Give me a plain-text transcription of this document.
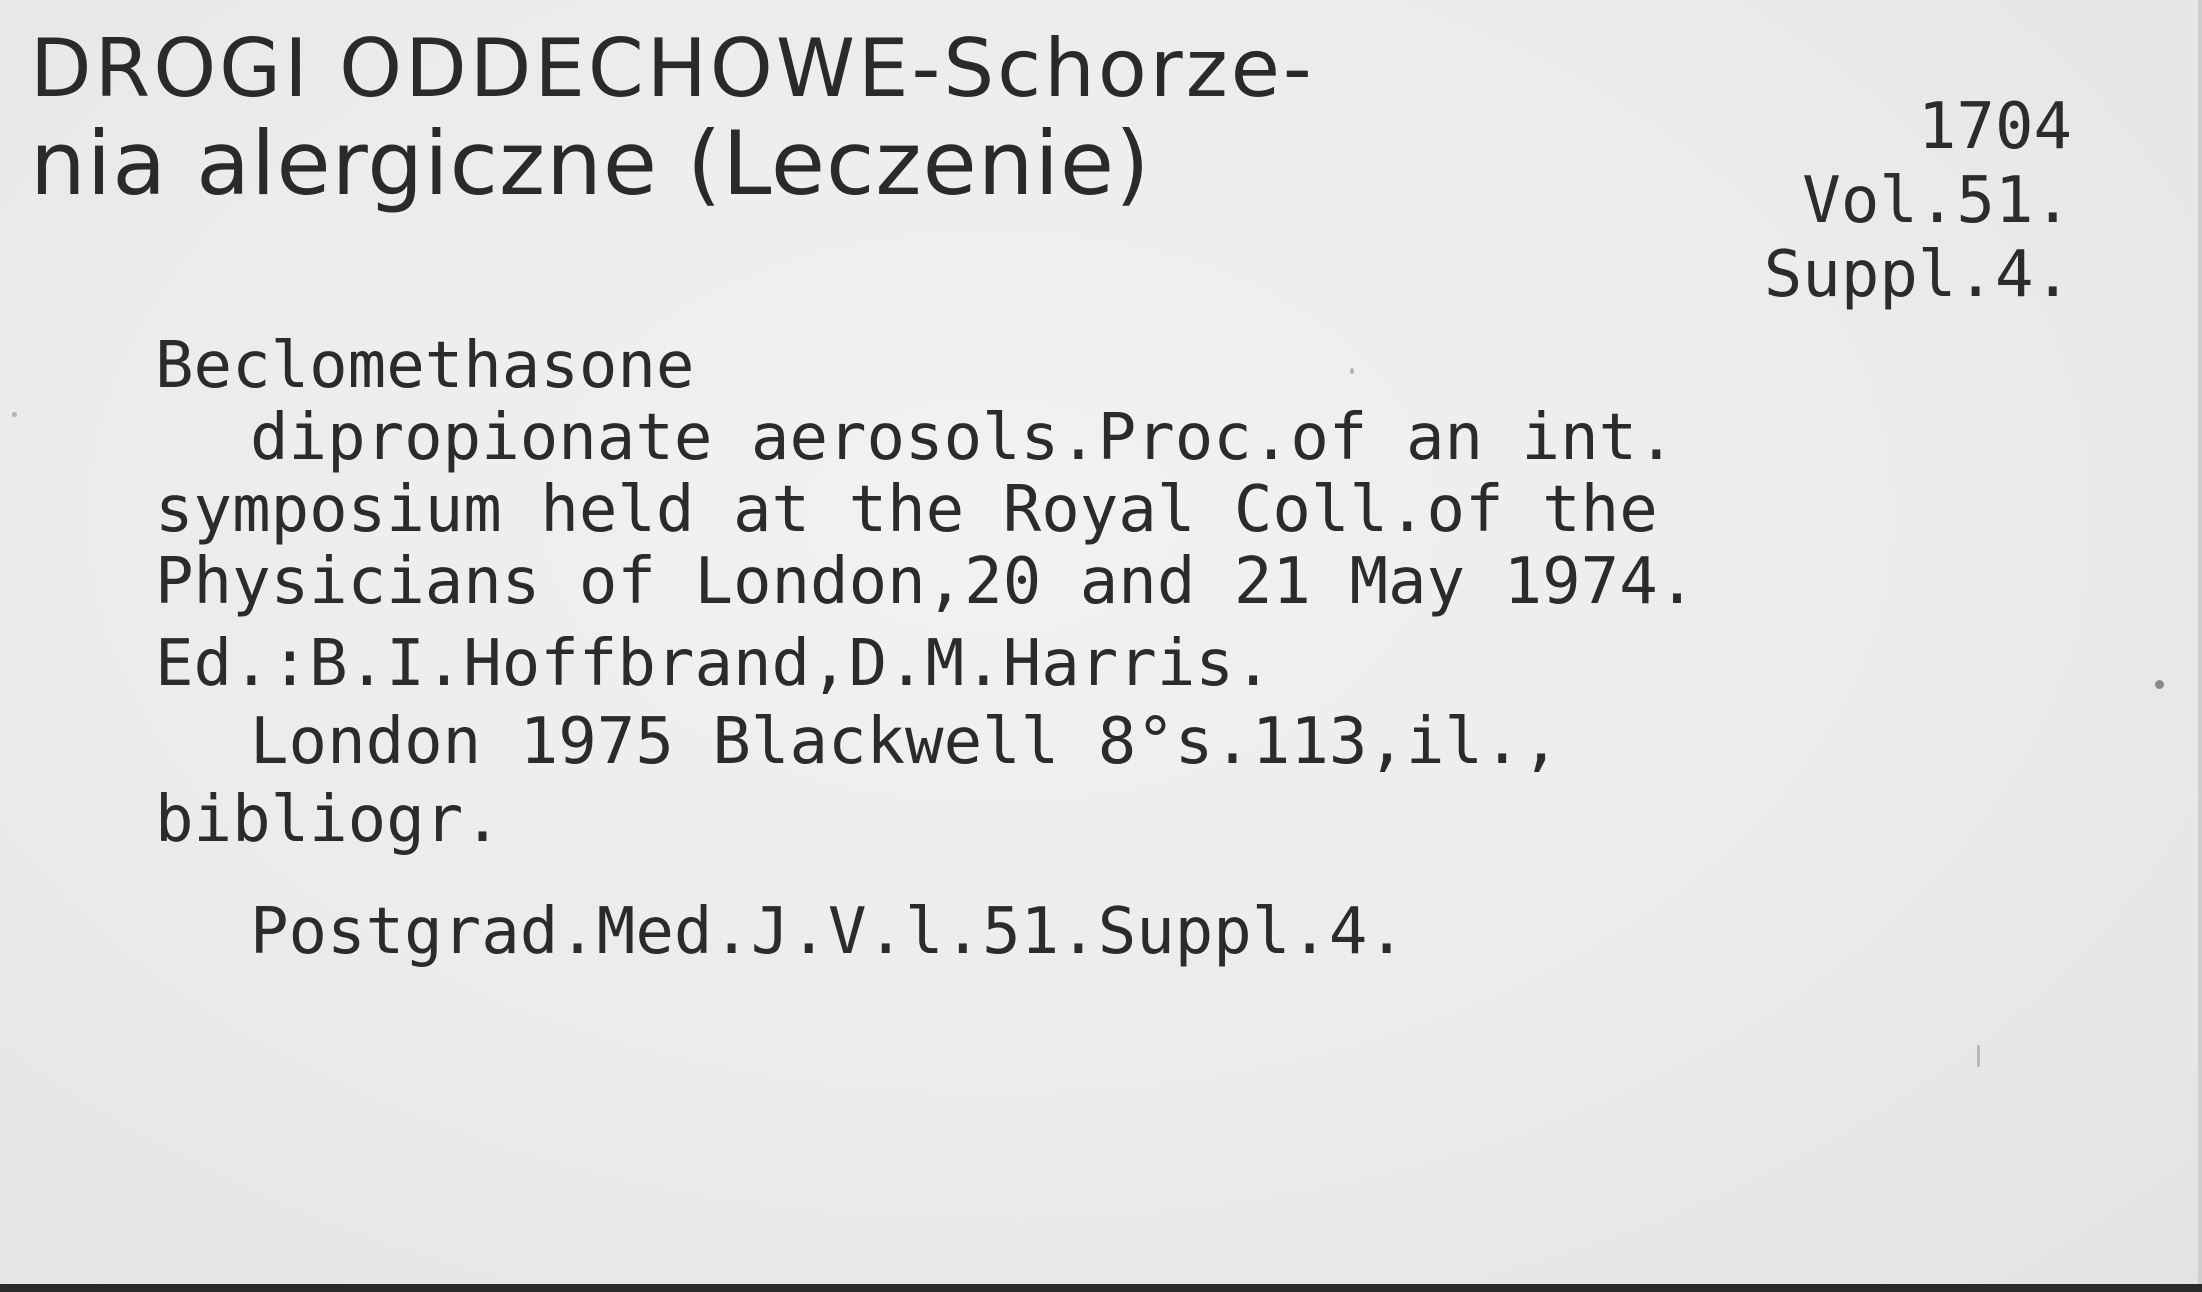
DROGI ODDECHOWE-Schorze-
nia alergiczne (Leczenie)	1704
Vol.51.
Suppl.4.

Beclomethasone

dipropionate aerosols.Proc.of an int.

symposium held at the Royal Coll.of the

Physicians of London,20 and 21 May 1974.

Ed.:B.I.Hoffbrand,D.M.Harris.

London 1975 Blackwell 8°s.113,il.,

bibliogr.

Postgrad.Med.J.V.l.51.Suppl.4.
